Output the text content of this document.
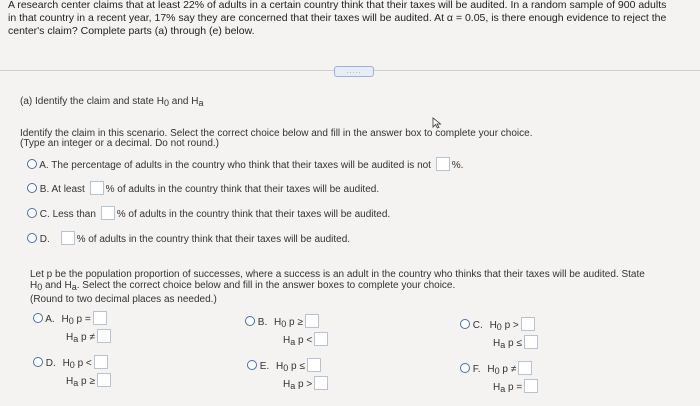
A research center claims that at least 22% of adults in a certain country think that their taxes will be audited. In a random sample of 900 adults
in that country in a recent year, 17% say they are concerned that their taxes will be audited. At α = 0.05, is there enough evidence to reject the
center's claim? Complete parts (a) through (e) below.
.....
(a) Identify the claim and state H0 and Ha
Identify the claim in this scenario. Select the correct choice below and fill in the answer box to complete your choice.
(Type an integer or a decimal. Do not round.)
A. The percentage of adults in the country who think that their taxes will be audited is not %.
B. At least % of adults in the country think that their taxes will be audited.
C. Less than % of adults in the country think that their taxes will be audited.
D.	% of adults in the country think that their taxes will be audited.
Let p be the population proportion of successes, where a success is an adult in the country who thinks that their taxes will be audited. State
H0 and Ha. Select the correct choice below and fill in the answer boxes to complete your choice.
(Round to two decimal places as needed.)
A. H0 p =
Ha p ≠
B. H0 p ≥
Ha p <
C. H0 p >
Ha p ≤
D. H0 p <
Ha p ≥
E. H0 p ≤
Ha p >
F. H0 p ≠
Ha p =
